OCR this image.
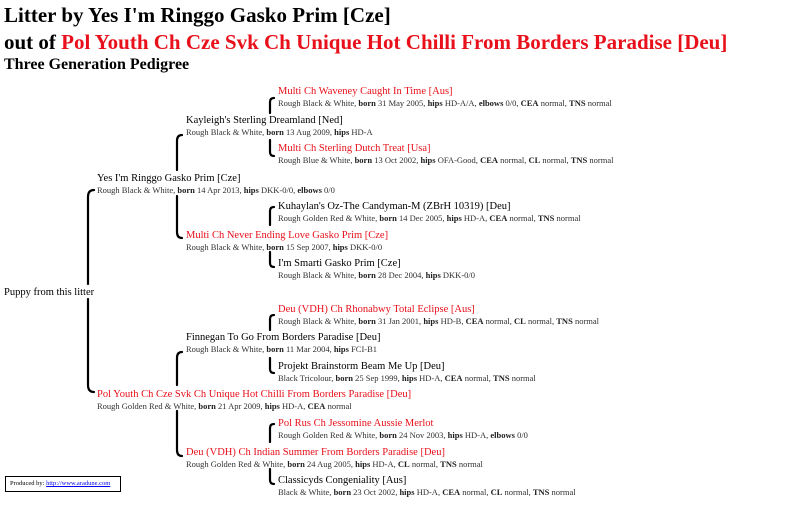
Litter by Yes I'm Ringgo Gasko Prim [Cze]
out of Pol Youth Ch Cze Svk Ch Unique Hot Chilli From Borders Paradise [Deu]
Three Generation Pedigree
Multi Ch Waveney Caught In Time [Aus]
Rough Black & White, born 31 May 2005, hips HD-A/A, elbows 0/0, CEA normal, TNS normal
Kayleigh's Sterling Dreamland [Ned]
Rough Black & White, born 13 Aug 2009, hips HD-A
Multi Ch Sterling Dutch Treat [Usa]
Rough Blue & White, born 13 Oct 2002, hips OFA-Good, CEA normal, CL normal, TNS normal
Yes I'm Ringgo Gasko Prim [Cze]
Rough Black & White, born 14 Apr 2013, hips DKK-0/0, elbows 0/0
Kuhaylan's Oz-The Candyman-M (ZBrH 10319) [Deu]
Rough Golden Red & White, born 14 Dec 2005, hips HD-A, CEA normal, TNS normal
Multi Ch Never Ending Love Gasko Prim [Cze]
Rough Black & White, born 15 Sep 2007, hips DKK-0/0
I'm Smarti Gasko Prim [Cze]
Rough Black & White, born 28 Dec 2004, hips DKK-0/0
Puppy from this litter
Deu (VDH) Ch Rhonabwy Total Eclipse [Aus]
Rough Black & White, born 31 Jan 2001, hips HD-B, CEA normal, CL normal, TNS normal
Finnegan To Go From Borders Paradise [Deu]
Rough Black & White, born 11 Mar 2004, hips FCI-B1
Projekt Brainstorm Beam Me Up [Deu]
Black Tricolour, born 25 Sep 1999, hips HD-A, CEA normal, TNS normal
Pol Youth Ch Cze Svk Ch Unique Hot Chilli From Borders Paradise [Deu]
Rough Golden Red & White, born 21 Apr 2009, hips HD-A, CEA normal
Pol Rus Ch Jessomine Aussie Merlot
Rough Golden Red & White, born 24 Nov 2003, hips HD-A, elbows 0/0
Deu (VDH) Ch Indian Summer From Borders Paradise [Deu]
Rough Golden Red & White, born 24 Aug 2005, hips HD-A, CL normal, TNS normal
Classicyds Congeniality [Aus]
Black & White, born 23 Oct 2002, hips HD-A, CEA normal, CL normal, TNS normal
Produced by: http://www.aradune.com
